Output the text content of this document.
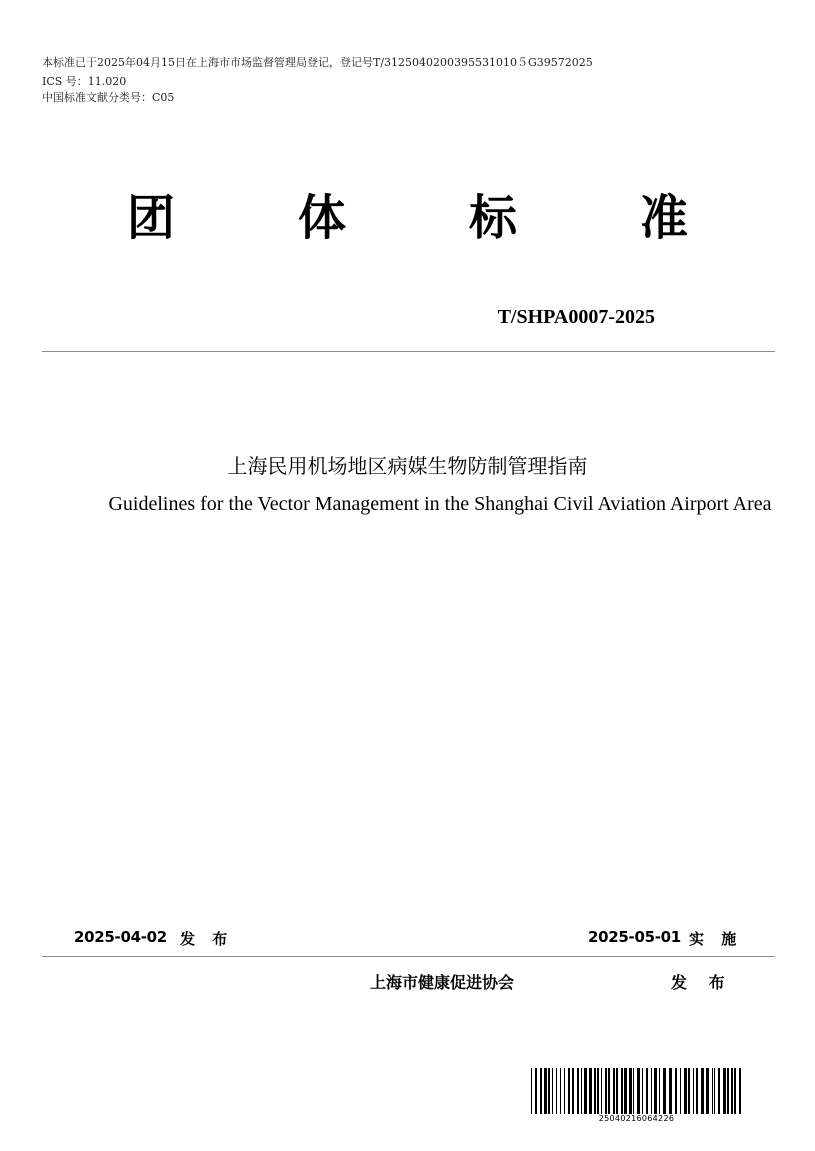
本标准已于2025年04月15日在上海市市场监督管理局登记，登记号T/3125040200395531010５G39572025
ICS 号：11.020
中国标准文献分类号：C05
团	体	标	准
T/SHPA0007-2025
上海民用机场地区病媒生物防制管理指南
Guidelines for the Vector Management in the Shanghai Civil Aviation Airport Area
2025-04-02 发 布	2025-05-01 实 施
上海市健康促进协会	发 布
25040216064226
